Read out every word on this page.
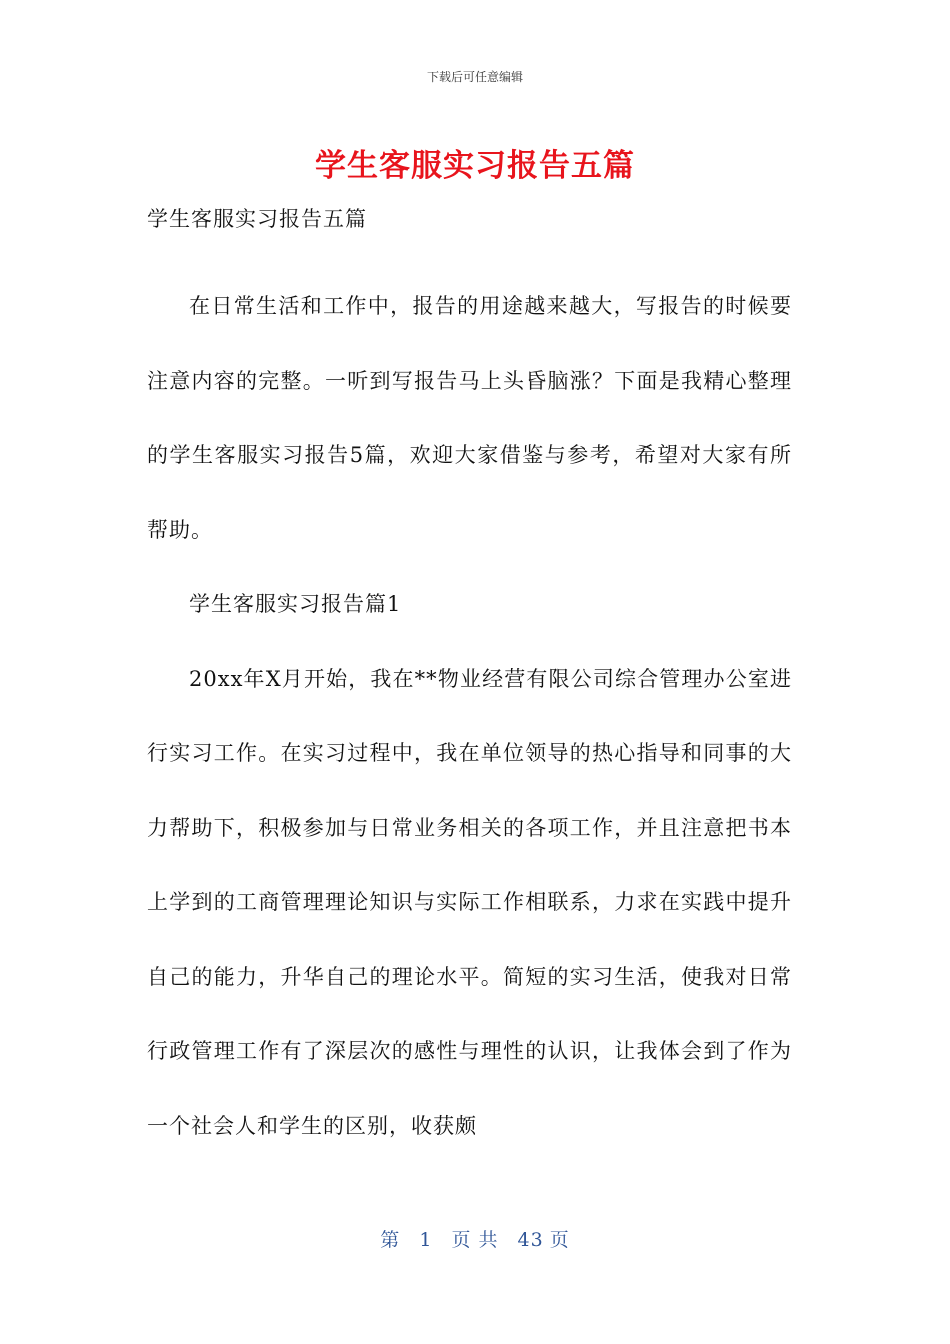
下载后可任意编辑
学生客服实习报告五篇

学生客服实习报告五篇

在日常生活和工作中，报告的用途越来越大，写报告的时候要注意内容的完整。一听到写报告马上头昏脑涨？下面是我精心整理的学生客服实习报告5篇，欢迎大家借鉴与参考，希望对大家有所帮助。

学生客服实习报告篇1

20xx年X月开始，我在**物业经营有限公司综合管理办公室进行实习工作。在实习过程中，我在单位领导的热心指导和同事的大力帮助下，积极参加与日常业务相关的各项工作，并且注意把书本上学到的工商管理理论知识与实际工作相联系，力求在实践中提升自己的能力，升华自己的理论水平。简短的实习生活，使我对日常行政管理工作有了深层次的感性与理性的认识，让我体会到了作为一个社会人和学生的区别，收获颇

第 1 页 共 43 页
